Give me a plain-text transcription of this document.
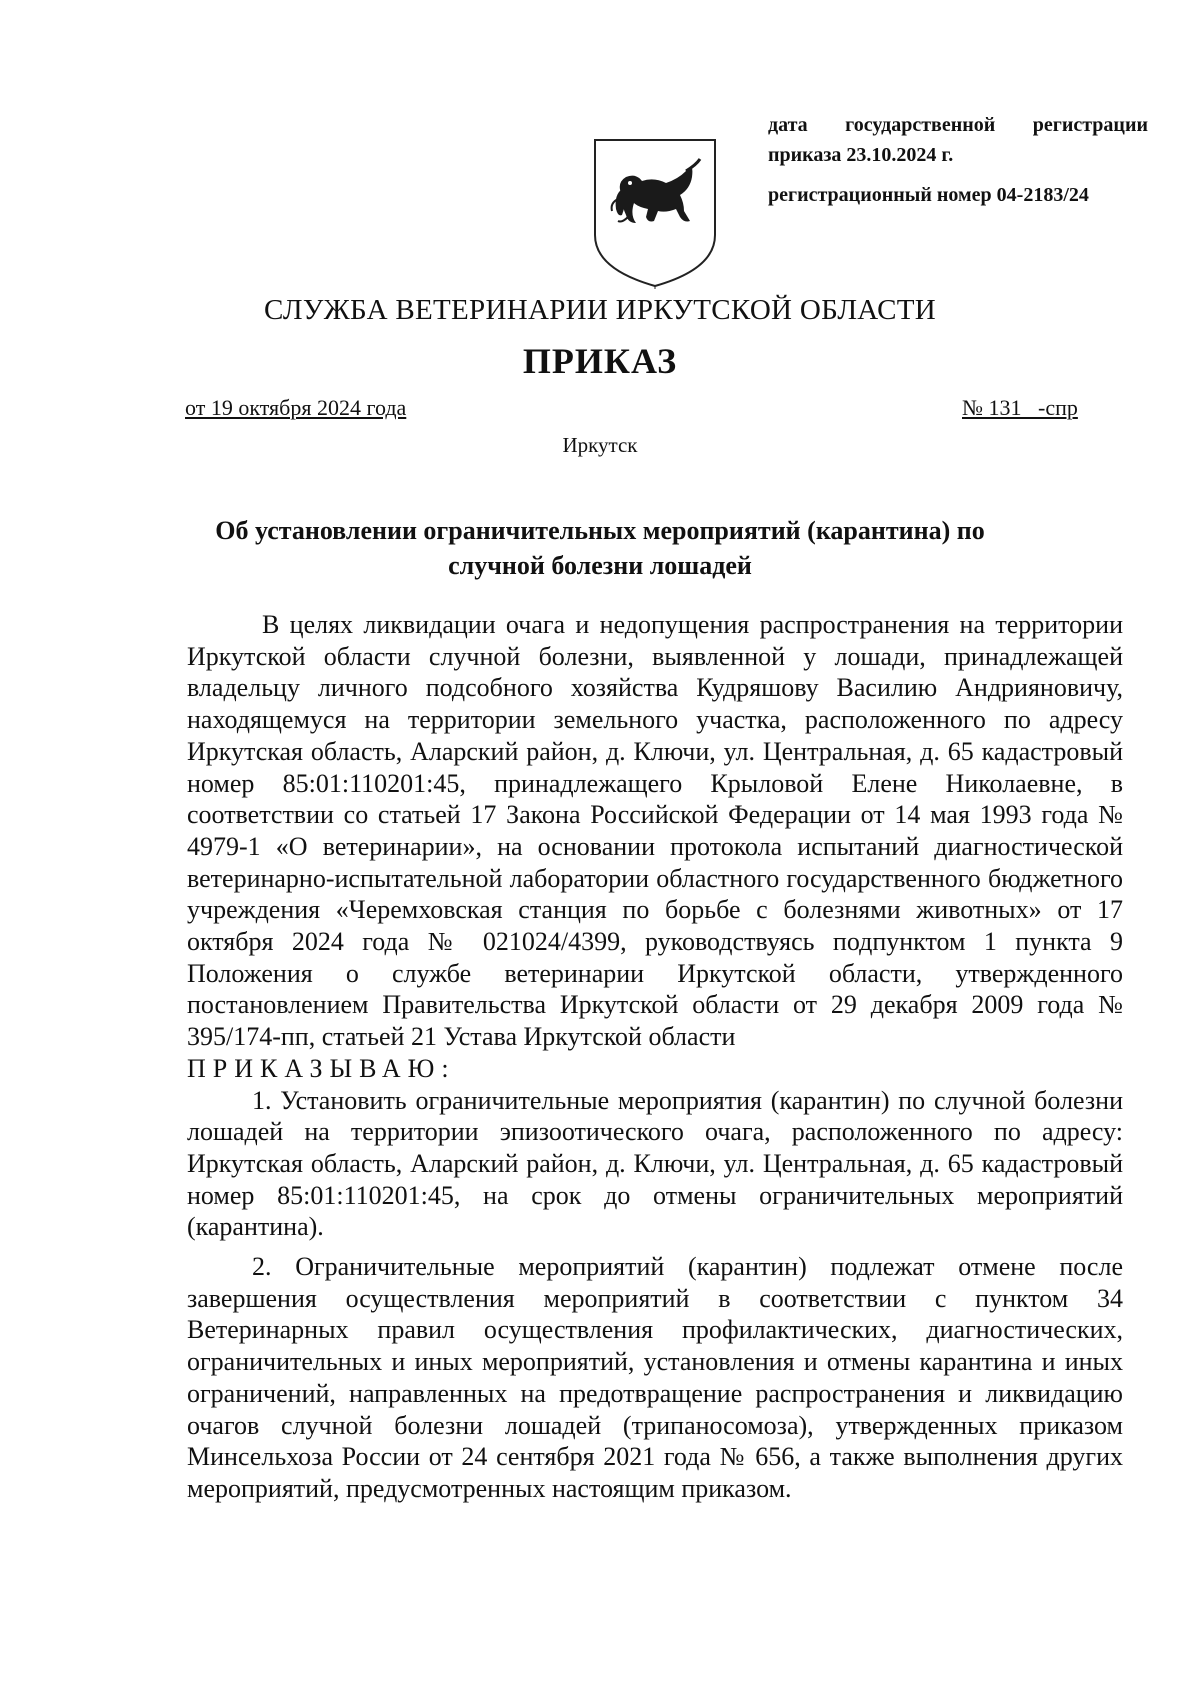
дата государственной регистрации
приказа 23.10.2024 г.
регистрационный номер 04-2183/24
СЛУЖБА ВЕТЕРИНАРИИ ИРКУТСКОЙ ОБЛАСТИ
ПРИКАЗ
от 19 октября 2024 года	№ 131   -спр
Иркутск
Об установлении ограничительных мероприятий (карантина) по случной болезни лошадей

В целях ликвидации очага и недопущения распространения на территории Иркутской области случной болезни, выявленной у лошади, принадлежащей владельцу личного подсобного хозяйства Кудряшову Василию Андрияновичу, находящемуся на территории земельного участка, расположенного по адресу Иркутская область, Аларский район, д. Ключи, ул. Центральная, д. 65 кадастровый номер 85:01:110201:45, принадлежащего Крыловой Елене Николаевне, в соответствии со статьей 17 Закона Российской Федерации от 14 мая 1993 года № 4979-1 «О ветеринарии», на основании протокола испытаний диагностической ветеринарно-испытательной лаборатории областного государственного бюджетного учреждения «Черемховская станция по борьбе с болезнями животных» от 17 октября 2024 года № 021024/4399, руководствуясь подпунктом 1 пункта 9 Положения о службе ветеринарии Иркутской области, утвержденного постановлением Правительства Иркутской области от 29 декабря 2009 года № 395/174-пп, статьей 21 Устава Иркутской области

ПРИКАЗЫВАЮ:

1. Установить ограничительные мероприятия (карантин) по случной болезни лошадей на территории эпизоотического очага, расположенного по адресу: Иркутская область, Аларский район, д. Ключи, ул. Центральная, д. 65 кадастровый номер 85:01:110201:45, на срок до отмены ограничительных мероприятий (карантина).

2. Ограничительные мероприятий (карантин) подлежат отмене после завершения осуществления мероприятий в соответствии с пунктом 34 Ветеринарных правил осуществления профилактических, диагностических, ограничительных и иных мероприятий, установления и отмены карантина и иных ограничений, направленных на предотвращение распространения и ликвидацию очагов случной болезни лошадей (трипаносомоза), утвержденных приказом Минсельхоза России от 24 сентября 2021 года № 656, а также выполнения других мероприятий, предусмотренных настоящим приказом.
